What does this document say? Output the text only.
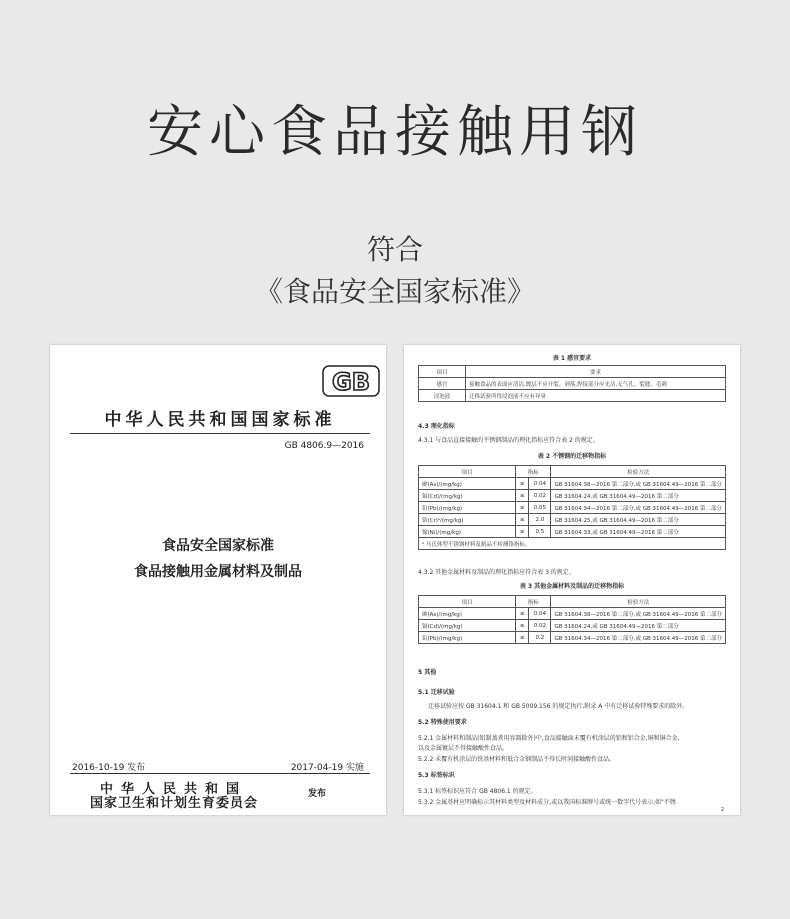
安心食品接触用钢
符合
《食品安全国家标准》
GB
中华人民共和国国家标准
GB 4806.9—2016
食品安全国家标准
食品接触用金属材料及制品
2016-10-19 发布	2017-04-19 实施
中华人民共和国
国家卫生和计划生育委员会
发布
表 1 感官要求
项目	要求
感官	接触食品的表面应清洁,镀层不应开裂、剥落,焊接部分应光洁,无气孔、裂缝、毛刺
浸泡液	迁移试验所得浸泡液不应有异臭
4.3 理化指标
4.3.1 与食品直接接触的不锈钢制品的理化指标应符合表 2 的规定。
表 2 不锈钢的迁移物指标
项目	指标		检验方法
砷(As)/(mg/kg)	≤	0.04	GB 31604.38—2016 第二部分,或 GB 31604.49—2016 第二部分
镉(Cd)/(mg/kg)	≤	0.02	GB 31604.24,或 GB 31604.49—2016 第二部分
铅(Pb)/(mg/kg)	≤	0.05	GB 31604.34—2016 第二部分,或 GB 31604.49—2016 第二部分
铬(Cr)ᵃ/(mg/kg)	≤	2.0	GB 31604.25,或 GB 31604.49—2016 第二部分
镍(Ni)/(mg/kg)	≤	0.5	GB 31604.33,或 GB 31604.49—2016 第二部分
ᵃ 马氏体型不锈钢材料及制品不检测铬指标。			
4.3.2 其他金属材料及制品的理化指标应符合表 3 的规定。
表 3 其他金属材料及制品的迁移物指标
项目	指标		检验方法
砷(As)/(mg/kg)	≤	0.04	GB 31604.38—2016 第二部分,或 GB 31604.49—2016 第二部分
镉(Cd)/(mg/kg)	≤	0.02	GB 31604.24,或 GB 31604.49—2016 第二部分
铅(Pb)/(mg/kg)	≤	0.2	GB 31604.34—2016 第二部分,或 GB 31604.49—2016 第二部分
5 其他
5.1 迁移试验
迁移试验应按 GB 31604.1 和 GB 5009.156 的规定执行,附录 A 中有迁移试验特殊要求的除外。
5.2 特殊使用要求
5.2.1 金属材料和制品(铝制蒸煮用容器除外)中,食品接触面未覆有机涂层的铝和铝合金,铜和铜合金,
以及金属镀层不得接触酸性食品。
5.2.2 未覆有机涂层的铁基材料和低合金钢制品不得长时间接触酸性食品。
5.3 标签标识
5.3.1 标签标识应符合 GB 4806.1 的规定。
5.3.2 金属基材应明确标示其材料类型及材料成分,或以我国标准牌号或统一数字代号表示,如"不锈
2
